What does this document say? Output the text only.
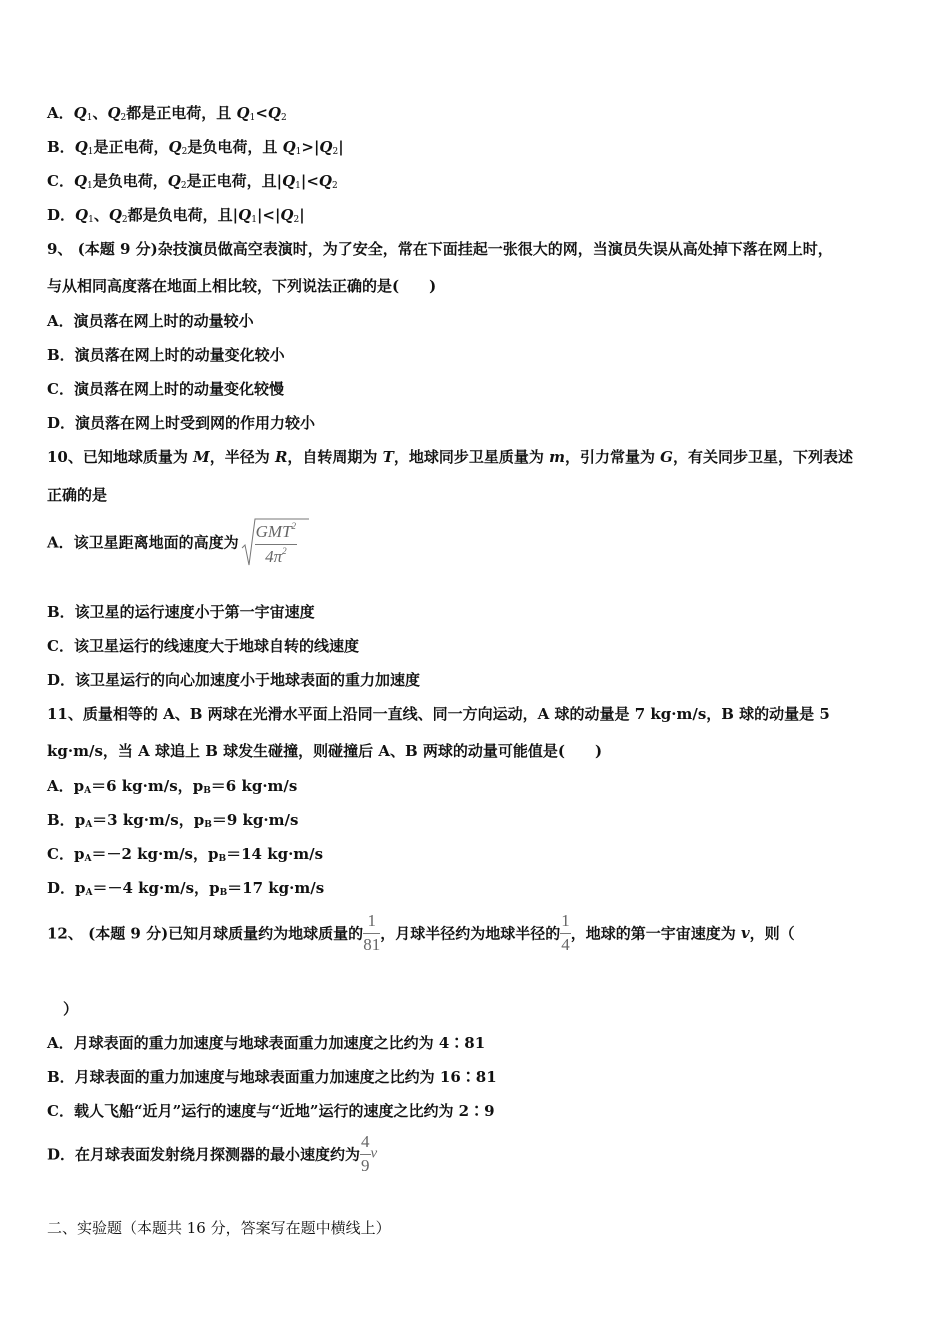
A．$Q_1$、$Q_2$都是正电荷，且 $Q_1<Q_2$
B．$Q_1$是正电荷，$Q_2$是负电荷，且 $Q_1>|Q_2|$
C．$Q_1$是负电荷，$Q_2$是正电荷，且$|Q_1|<Q_2$
D．$Q_1$、$Q_2$都是负电荷，且$|Q_1|<|Q_2|$
9、 (本题 9 分)杂技演员做高空表演时，为了安全，常在下面挂起一张很大的网，当演员失误从高处掉下落在网上时，
与从相同高度落在地面上相比较，下列说法正确的是(　　)
A．演员落在网上时的动量较小
B．演员落在网上时的动量变化较小
C．演员落在网上时的动量变化较慢
D．演员落在网上时受到网的作用力较小
10、已知地球质量为 M，半径为 R，自转周期为 T，地球同步卫星质量为 m，引力常量为 G，有关同步卫星，下列表述
正确的是
A．该卫星距离地面的高度为 $\frac{GMT^2}{4\pi^2}$
B．该卫星的运行速度小于第一宇宙速度
C．该卫星运行的线速度大于地球自转的线速度
D．该卫星运行的向心加速度小于地球表面的重力加速度
11、质量相等的 A、B 两球在光滑水平面上沿同一直线、同一方向运动，A 球的动量是 7 kg·m/s，B 球的动量是 5
kg·m/s，当 A 球追上 B 球发生碰撞，则碰撞后 A、B 两球的动量可能值是(　　)
A．$p_A=6$ kg·m/s，$p_B=6$ kg·m/s
B．$p_A=3$ kg·m/s，$p_B=9$ kg·m/s
C．$p_A=-2$ kg·m/s，$p_B=14$ kg·m/s
D．$p_A=-4$ kg·m/s，$p_B=17$ kg·m/s
12、 (本题 9 分)已知月球质量约为地球质量的 $\frac{1}{81}$ ，月球半径约为地球半径的 $\frac{1}{4}$ ，地球的第一宇宙速度为 v，则（
）
A．月球表面的重力加速度与地球表面重力加速度之比约为 4∶81
B．月球表面的重力加速度与地球表面重力加速度之比约为 16∶81
C．载人飞船“近月”运行的速度与“近地”运行的速度之比约为 2∶9
D．在月球表面发射绕月探测器的最小速度约为 $\frac{4}{9}$ v
二、实验题（本题共 16 分，答案写在题中横线上）
